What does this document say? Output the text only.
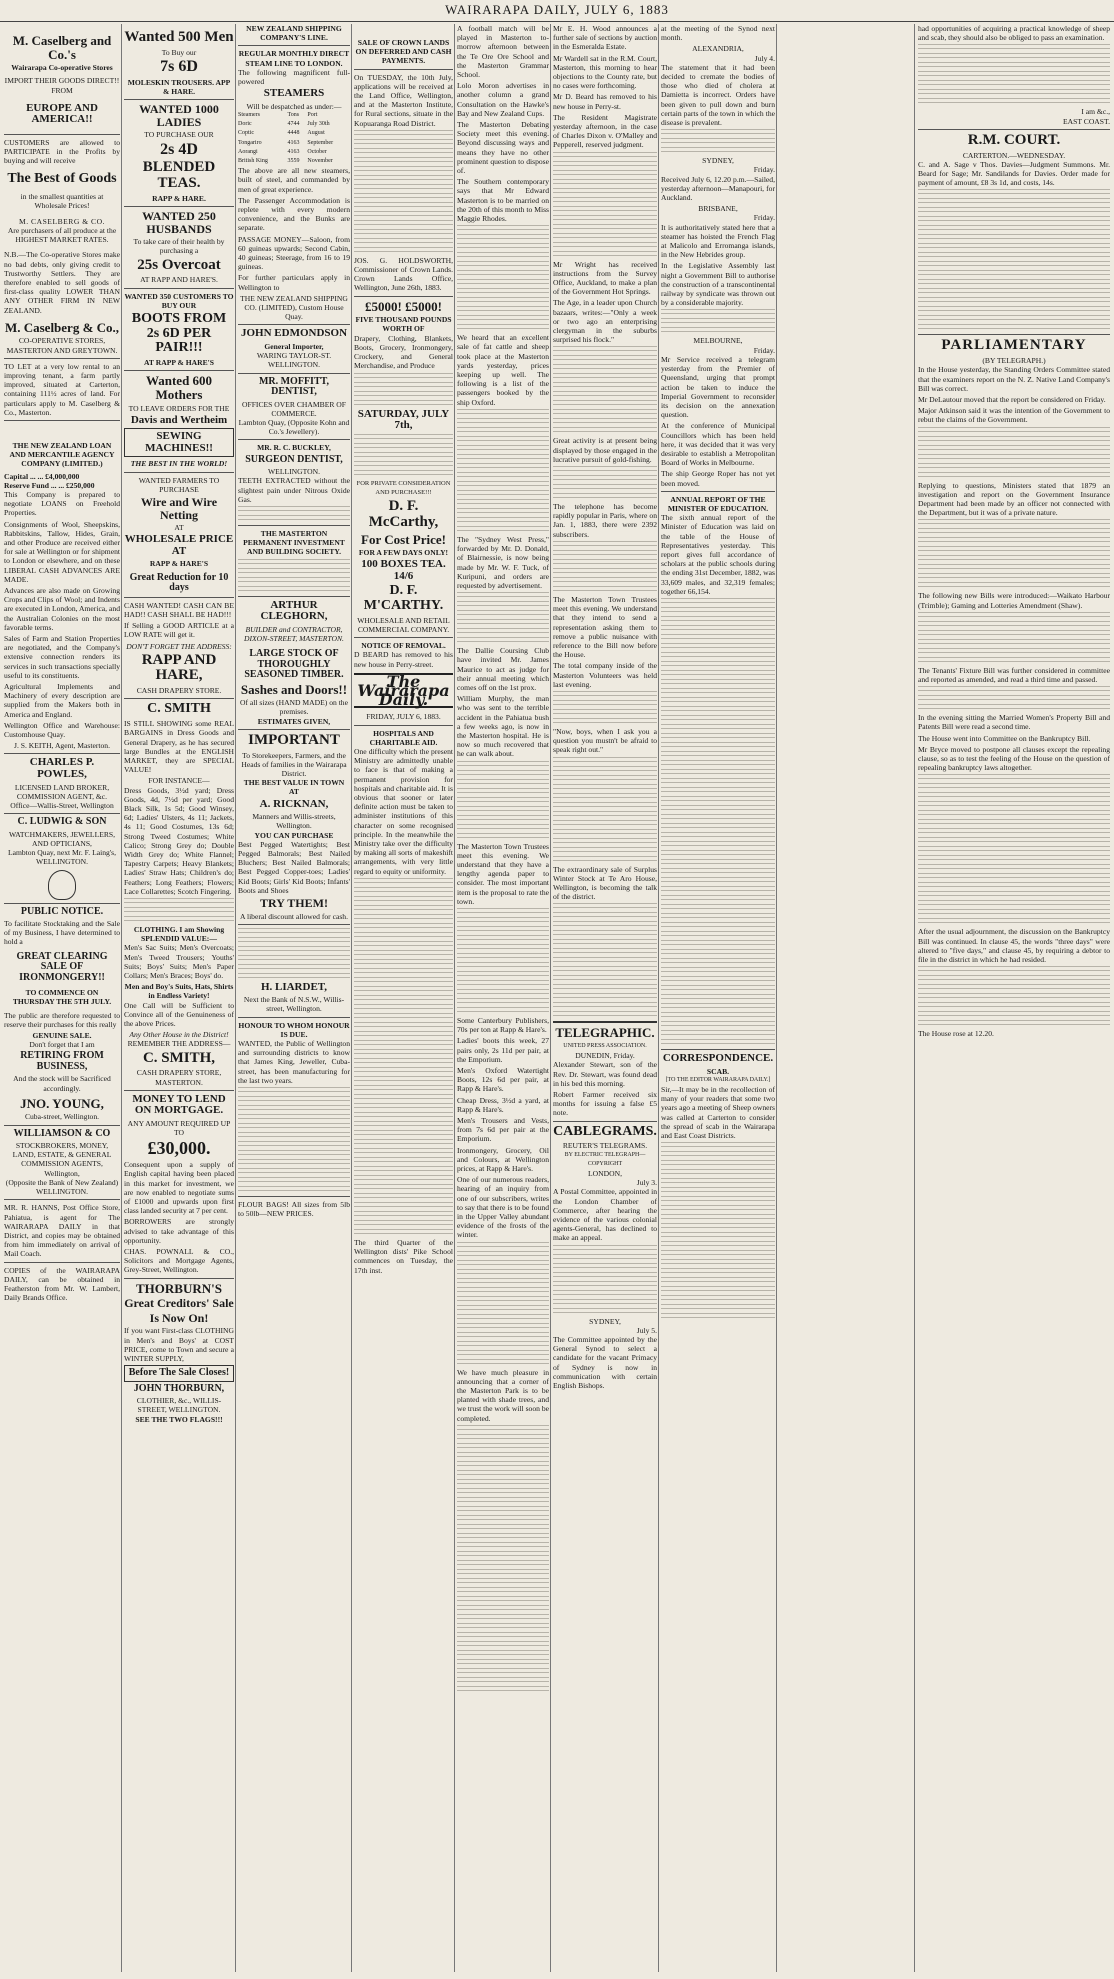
WAIRARAPA DAILY, JULY 6, 1883
M. Caselberg and Co.'s
Wairarapa Co-operative Stores
IMPORT THEIR GOODS DIRECT!! FROM
EUROPE AND AMERICA!!
CUSTOMERS are allowed to PARTICIPATE in the Profits by buying and will receive
The Best of Goods
in the smallest quantities at Wholesale Prices!
M. CASELBERG & CO.
Are purchasers of all produce at the HIGHEST MARKET RATES.
N.B.—The Co-operative Stores make no bad debts, only giving credit to Trustworthy Settlers. They are therefore enabled to sell goods of first-class quality LOWER THAN ANY OTHER FIRM IN NEW ZEALAND.
M. Caselberg & Co.,
CO-OPERATIVE STORES,
MASTERTON AND GREYTOWN.
TO LET at a very low rental to an improving tenant, a farm partly improved, situated at Carterton, containing 111½ acres of land. For particulars apply to M. Caselberg & Co., Masterton.
THE NEW ZEALAND LOAN AND MERCANTILE AGENCY COMPANY (LIMITED.)
Capital ... ... £4,000,000
Reserve Fund ... ... £250,000
This Company is prepared to negotiate LOANS on Freehold Properties.
Consignments of Wool, Sheepskins, Rabbitskins, Tallow, Hides, Grain, and other Produce are received either for sale at Wellington or for shipment to London or elsewhere, and on these LIBERAL CASH ADVANCES ARE MADE.
Advances are also made on Growing Crops and Clips of Wool; and Indents are executed in London, America, and the Australian Colonies on the most favorable terms.
Sales of Farm and Station Properties are negotiated, and the Company's extensive connection renders its services in such transactions specially useful to its constituents.
Agricultural Implements and Machinery of every description are supplied from the Makers both in America and England.
Wellington Office and Warehouse: Customhouse Quay.
J. S. KEITH, Agent, Masterton.
CHARLES P. POWLES,
LICENSED LAND BROKER, COMMISSION AGENT, &c.
Office—Wallis-Street, Wellington
C. LUDWIG & SON
WATCHMAKERS, JEWELLERS, AND OPTICIANS,
Lambton Quay, next Mr. F. Laing's, WELLINGTON.
PUBLIC NOTICE.
To facilitate Stocktaking and the Sale of my Business, I have determined to hold a
GREAT CLEARING SALE OF IRONMONGERY!!
TO COMMENCE ON THURSDAY THE 5TH JULY.
The public are therefore requested to reserve their purchases for this really
GENUINE SALE.
Don't forget that I am
RETIRING FROM BUSINESS,
And the stock will be Sacrificed accordingly.
JNO. YOUNG,
Cuba-street, Wellington.
WILLIAMSON & CO
STOCKBROKERS, MONEY, LAND, ESTATE, & GENERAL COMMISSION AGENTS, Wellington,
(Opposite the Bank of New Zealand) WELLINGTON.
MR. R. HANNS, Post Office Store, Pahiatua, is agent for The WAIRARAPA DAILY in that District, and copies may be obtained from him immediately on arrival of Mail Coach.
COPIES of the WAIRARAPA DAILY, can be obtained in Featherston from Mr. W. Lambert, Daily Brands Office.
Wanted 500 Men
To Buy our
7s 6D
MOLESKIN TROUSERS. APP & HARE.
WANTED 1000 LADIES
TO PURCHASE OUR
2s 4D
BLENDED TEAS.
RAPP & HARE.
WANTED 250 HUSBANDS
To take care of their health by purchasing a
25s Overcoat
AT RAPP AND HARE'S.
WANTED 350 CUSTOMERS TO BUY OUR
BOOTS FROM 2s 6D PER PAIR!!!
AT RAPP & HARE'S
Wanted 600 Mothers
TO LEAVE ORDERS FOR THE
Davis and Wertheim
SEWING MACHINES!!
THE BEST IN THE WORLD!
WANTED FARMERS TO PURCHASE
Wire and Wire Netting
AT
WHOLESALE PRICE AT
RAPP & HARE'S
Great Reduction for 10 days
CASH WANTED! CASH CAN BE HAD!! CASH SHALL BE HAD!!!
If Selling a GOOD ARTICLE at a LOW RATE will get it.
DON'T FORGET THE ADDRESS:
RAPP AND HARE,
CASH DRAPERY STORE.
C. SMITH
IS STILL SHOWING some REAL BARGAINS in Dress Goods and General Drapery, as he has secured large Bundles at the ENGLISH MARKET, they are SPECIAL VALUE!
FOR INSTANCE—
Dress Goods, 3½d yard; Dress Goods, 4d, 7½d per yard; Good Black Silk, 1s 5d; Good Winsey, 6d; Ladies' Ulsters, 4s 11; Jackets, 4s 11; Good Costumes, 13s 6d; Strong Tweed Costumes; White Calico; Strong Grey do; Double Width Grey do; White Flannel; Tapestry Carpets; Heavy Blankets; Ladies' Straw Hats; Children's do; Feathers; Long Feathers; Flowers; Lace Collarettes; Scotch Fingering.
CLOTHING. I am Showing SPLENDID VALUE:—
Men's Sac Suits; Men's Overcoats; Men's Tweed Trousers; Youths' Suits; Boys' Suits; Men's Paper Collars; Men's Braces; Boys' do.
Men and Boy's Suits, Hats, Shirts in Endless Variety!
One Call will be Sufficient to Convince all of the Genuineness of the above Prices.
Any Other House in the District!
REMEMBER THE ADDRESS—
C. SMITH,
CASH DRAPERY STORE, MASTERTON.
MONEY TO LEND ON MORTGAGE.
ANY AMOUNT REQUIRED UP TO
£30,000.
Consequent upon a supply of English capital having been placed in this market for investment, we are now enabled to negotiate sums of £1000 and upwards upon first class landed security at 7 per cent.
BORROWERS are strongly advised to take advantage of this opportunity.
CHAS. POWNALL & CO., Solicitors and Mortgage Agents, Grey-Street, Wellington.
THORBURN'S
Great Creditors' Sale
Is Now On!
If you want First-class CLOTHING in Men's and Boys' at COST PRICE, come to Town and secure a WINTER SUPPLY,
Before The Sale Closes!
JOHN THORBURN,
CLOTHIER, &c., WILLIS-STREET, WELLINGTON.
SEE THE TWO FLAGS!!!
NEW ZEALAND SHIPPING COMPANY'S LINE.
REGULAR MONTHLY DIRECT STEAM LINE TO LONDON.
The following magnificent full-powered
STEAMERS
Will be despatched as under:—
Steamers	Tons	Port
Doric	4744	July 30th
Coptic	4448	August
Tongariro	4163	September
Aorangi	4163	October
British King	3559	November
The above are all new steamers, built of steel, and commanded by men of great experience.
The Passenger Accommodation is replete with every modern convenience, and the Bunks are separate.
PASSAGE MONEY—Saloon, from 60 guineas upwards; Second Cabin, 40 guineas; Steerage, from 16 to 19 guineas.
For further particulars apply in Wellington to
THE NEW ZEALAND SHIPPING CO. (LIMITED), Custom House Quay.
JOHN EDMONDSON
General Importer,
WARING TAYLOR-ST. WELLINGTON.
MR. MOFFITT, DENTIST,
OFFICES OVER CHAMBER OF COMMERCE.
Lambton Quay, (Opposite Kohn and Co.'s Jewellery).
MR. R. C. BUCKLEY,
SURGEON DENTIST,
WELLINGTON.
TEETH EXTRACTED without the slightest pain under Nitrous Oxide Gas.
THE MASTERTON PERMANENT INVESTMENT AND BUILDING SOCIETY.
ARTHUR CLEGHORN,
BUILDER and CONTRACTOR, DIXON-STREET, MASTERTON.
LARGE STOCK OF THOROUGHLY SEASONED TIMBER.
Sashes and Doors!!
Of all sizes (HAND MADE) on the premises.
ESTIMATES GIVEN,
IMPORTANT
To Storekeepers, Farmers, and the Heads of families in the Wairarapa District.
THE BEST VALUE IN TOWN AT
A. RICKNAN,
Manners and Willis-streets, Wellington.
YOU CAN PURCHASE
Best Pegged Watertights; Best Pegged Balmorals; Best Nailed Bluchers; Best Nailed Balmorals; Best Pegged Copper-toes; Ladies' Kid Boots; Girls' Kid Boots; Infants' Boots and Shoes
TRY THEM!
A liberal discount allowed for cash.
H. LIARDET,
Next the Bank of N.S.W., Willis-street, Wellington.
HONOUR TO WHOM HONOUR IS DUE.
WANTED, the Public of Wellington and surrounding districts to know that James King, Jeweller, Cuba-street, has been manufacturing for the last two years.
FLOUR BAGS! All sizes from 5lb to 50lb—NEW PRICES.
SALE OF CROWN LANDS ON DEFERRED AND CASH PAYMENTS.
On TUESDAY, the 10th July, applications will be received at the Land Office, Wellington, and at the Masterton Institute, for Rural sections, situate in the Kopuaranga Road District.
JOS. G. HOLDSWORTH, Commissioner of Crown Lands. Crown Lands Office, Wellington, June 26th, 1883.
£5000! £5000!
FIVE THOUSAND POUNDS WORTH OF
Drapery, Clothing, Blankets, Boots, Grocery, Ironmongery, Crockery, and General Merchandise, and Produce
SATURDAY, JULY 7th,
FOR PRIVATE CONSIDERATION AND PURCHASE!!!
D. F. McCarthy,
For Cost Price!
FOR A FEW DAYS ONLY!
100 BOXES TEA. 14/6
D. F. M'CARTHY.
WHOLESALE AND RETAIL COMMERCIAL COMPANY.
NOTICE OF REMOVAL.
D BEARD has removed to his new house in Perry-street.
The Wairarapa Daily.
FRIDAY, JULY 6, 1883.
HOSPITALS AND CHARITABLE AID.
One difficulty which the present Ministry are admittedly unable to face is that of making a permanent provision for hospitals and charitable aid. It is obvious that sooner or later definite action must be taken to administer institutions of this character on some recognised principle. In the meanwhile the Ministry take over the difficulty by making all sorts of makeshift arrangements, with very little regard to equity or uniformity.
The third Quarter of the Wellington dists' Pike School commences on Tuesday, the 17th inst.
A football match will be played in Masterton to-morrow afternoon between the Te Ore Ore School and the Masterton Grammar School.
Lolo Moron advertises in another column a grand Consultation on the Hawke's Bay and New Zealand Cups.
The Masterton Debating Society meet this evening. Beyond discussing ways and means they have no other prominent question to dispose of.
The Southern contemporary says that Mr Edward Masterton is to be married on the 20th of this month to Miss Maggie Rhodes.
We heard that an excellent sale of fat cattle and sheep took place at the Masterton yards yesterday, prices keeping up well. The following is a list of the passengers booked by the ship Oxford.
The "Sydney West Press," forwarded by Mr. D. Donald, of Blairnessie, is now being made by Mr. W. F. Tuck, of Kuripuni, and orders are requested by advertisement.
The Dallie Coursing Club have invited Mr. James Maurice to act as judge for their annual meeting which comes off on the 1st prox.
William Murphy, the man who was sent to the terrible accident in the Pahiatua bush a few weeks ago, is now in the Masterton hospital. He is now so much recovered that he can walk about.
The Masterton Town Trustees meet this evening. We understand that they have a lengthy agenda paper to consider. The most important item is the proposal to rate the town.
Some Canterbury Publishers, 70s per ton at Rapp & Hare's.
Ladies' boots this week, 27 pairs only, 2s 11d per pair, at the Emporium.
Men's Oxford Watertight Boots, 12s 6d per pair, at Rapp & Hare's.
Cheap Dress, 3½d a yard, at Rapp & Hare's.
Men's Trousers and Vests, from 7s 6d per pair at the Emporium.
Ironmongery, Grocery, Oil and Colours, at Wellington prices, at Rapp & Hare's.
One of our numerous readers, hearing of an inquiry from one of our subscribers, writes to say that there is to be found in the Upper Valley abundant evidence of the frosts of the winter.
We have much pleasure in announcing that a corner of the Masterton Park is to be planted with shade trees, and we trust the work will soon be completed.
Mr E. H. Wood announces a further sale of sections by auction in the Esmeralda Estate.
Mr Wardell sat in the R.M. Court, Masterton, this morning to hear objections to the County rate, but no cases were forthcoming.
Mr D. Beard has removed to his new house in Perry-st.
The Resident Magistrate yesterday afternoon, in the case of Charles Dixon v. O'Malley and Pepperell, reserved judgment.
Mr Wright has received instructions from the Survey Office, Auckland, to make a plan of the Government Hot Springs.
The Age, in a leader upon Church bazaars, writes:—"Only a week or two ago an enterprising clergyman in the suburbs surprised his flock."
Great activity is at present being displayed by those engaged in the lucrative pursuit of gold-fishing.
The telephone has become rapidly popular in Paris, where on Jan. 1, 1883, there were 2392 subscribers.
The Masterton Town Trustees meet this evening. We understand that they intend to send a representation asking them to remove a public nuisance with reference to the Bill now before the House.
The total company inside of the Masterton Volunteers was held last evening.
"Now, boys, when I ask you a question you mustn't be afraid to speak right out."
The extraordinary sale of Surplus Winter Stock at Te Aro House, Wellington, is becoming the talk of the district.
TELEGRAPHIC.
UNITED PRESS ASSOCIATION.
DUNEDIN, Friday.
Alexander Stewart, son of the Rev. Dr. Stewart, was found dead in his bed this morning.
Robert Farmer received six months for issuing a false £5 note.
CABLEGRAMS.
REUTER'S TELEGRAMS.
BY ELECTRIC TELEGRAPH—COPYRIGHT
LONDON,
July 3.
A Postal Committee, appointed in the London Chamber of Commerce, after hearing the evidence of the various colonial agents-General, has declined to make an appeal.
SYDNEY,
July 5.
The Committee appointed by the General Synod to select a candidate for the vacant Primacy of Sydney is now in communication with certain English Bishops.
at the meeting of the Synod next month.
ALEXANDRIA,
July 4.
The statement that it had been decided to cremate the bodies of those who died of cholera at Damietta is incorrect. Orders have been given to pull down and burn certain parts of the town in which the disease is prevalent.
SYDNEY,
Friday.
Received July 6, 12.20 p.m.—Sailed, yesterday afternoon—Manapouri, for Auckland.
BRISBANE,
Friday.
It is authoritatively stated here that a steamer has hoisted the French Flag at Malicolo and Erromanga islands, in the New Hebrides group.
In the Legislative Assembly last night a Government Bill to authorise the construction of a transcontinental railway by syndicate was thrown out by a considerable majority.
MELBOURNE,
Friday.
Mr Service received a telegram yesterday from the Premier of Queensland, urging that prompt action be taken to induce the Imperial Government to reconsider its decision on the annexation question.
At the conference of Municipal Councillors which has been held here, it was decided that it was very desirable to establish a Metropolitan Board of Works in Melbourne.
The ship George Roper has not yet been moved.
ANNUAL REPORT OF THE MINISTER OF EDUCATION.
The sixth annual report of the Minister of Education was laid on the table of the House of Representatives yesterday. This report gives full accordance of scholars at the public schools during the ending 31st December, 1882, was 33,609 males, and 32,319 females; together 66,154.
CORRESPONDENCE.
SCAB.
[TO THE EDITOR WAIRARAPA DAILY.]
Sir,—It may be in the recollection of many of your readers that some two years ago a meeting of Sheep owners was called at Carterton to consider the spread of scab in the Wairarapa and East Coast Districts.
had opportunities of acquiring a practical knowledge of sheep and scab, they should also be obliged to pass an examination.
I am &c.,
EAST COAST.
R.M. COURT.
CARTERTON.—WEDNESDAY.
C. and A. Sage v Thos. Davies—Judgment Summons. Mr. Beard for Sage; Mr. Sandilands for Davies. Order made for payment of amount, £8 3s 1d, and costs, 14s.
PARLIAMENTARY
(BY TELEGRAPH.)
In the House yesterday, the Standing Orders Committee stated that the examiners report on the N. Z. Native Land Company's Bill was correct.
Mr DeLautour moved that the report be considered on Friday.
Major Atkinson said it was the intention of the Government to rebut the claims of the Government.
Replying to questions, Ministers stated that 1879 an investigation and report on the Government Insurance Department had been made by an officer not connected with the Department, but it was of a private nature.
The following new Bills were introduced:—Waikato Harbour (Trimble); Gaming and Lotteries Amendment (Shaw).
The Tenants' Fixture Bill was further considered in committee and reported as amended, and read a third time and passed.
In the evening sitting the Married Women's Property Bill and Patents Bill were read a second time.
The House went into Committee on the Bankruptcy Bill.
Mr Bryce moved to postpone all clauses except the repealing clause, so as to test the feeling of the House on the question of repealing bankruptcy laws altogether.
After the usual adjournment, the discussion on the Bankruptcy Bill was continued. In clause 45, the words "three days" were altered to "five days," and clause 45, by requiring a debtor to file in the district in which he had resided.
The House rose at 12.20.
